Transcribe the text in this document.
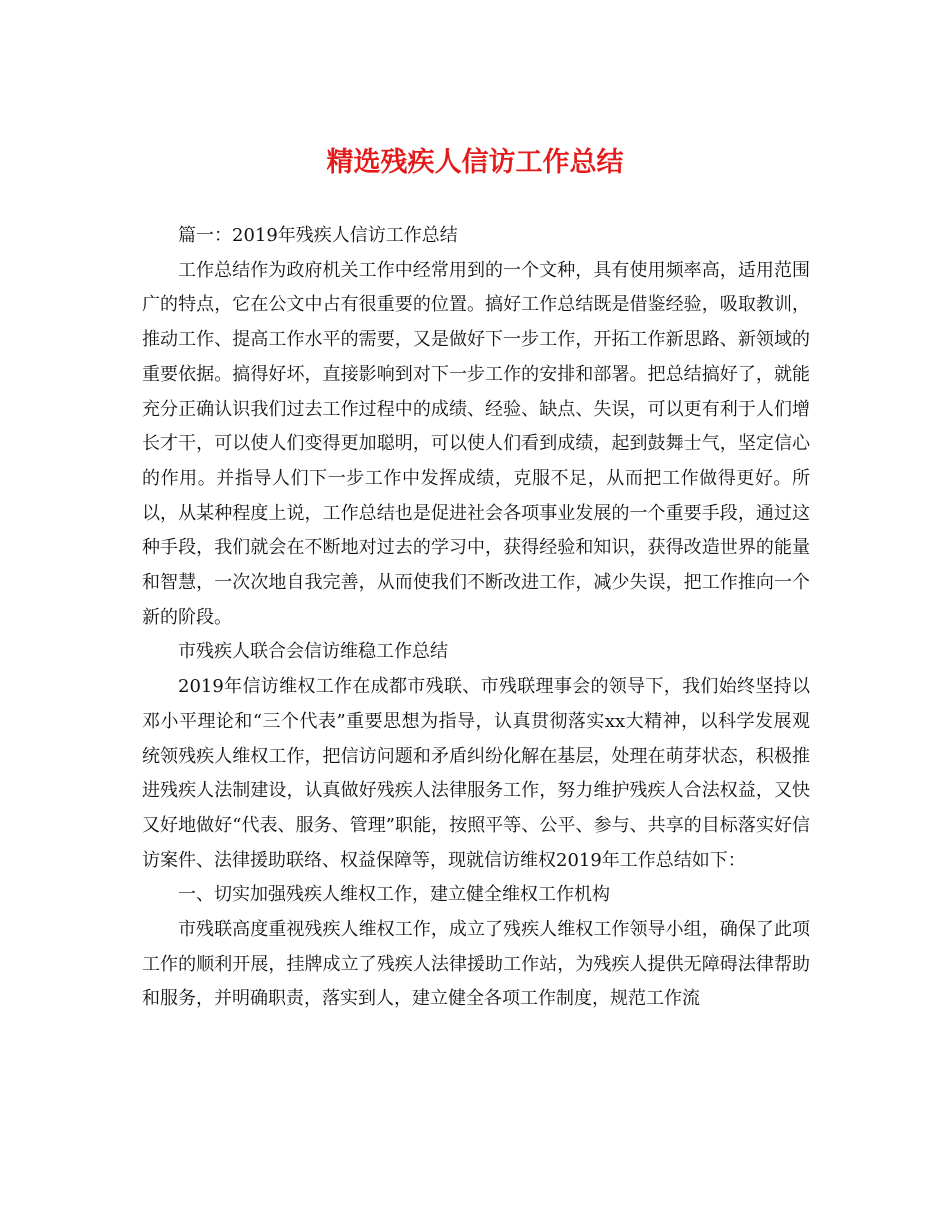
精选残疾人信访工作总结

篇一：2019年残疾人信访工作总结

工作总结作为政府机关工作中经常用到的一个文种，具有使用频率高，适用范围广的特点，它在公文中占有很重要的位置。搞好工作总结既是借鉴经验，吸取教训，推动工作、提高工作水平的需要，又是做好下一步工作，开拓工作新思路、新领域的重要依据。搞得好坏，直接影响到对下一步工作的安排和部署。把总结搞好了，就能充分正确认识我们过去工作过程中的成绩、经验、缺点、失误，可以更有利于人们增长才干，可以使人们变得更加聪明，可以使人们看到成绩，起到鼓舞士气，坚定信心的作用。并指导人们下一步工作中发挥成绩，克服不足，从而把工作做得更好。所以，从某种程度上说，工作总结也是促进社会各项事业发展的一个重要手段，通过这种手段，我们就会在不断地对过去的学习中，获得经验和知识，获得改造世界的能量和智慧，一次次地自我完善，从而使我们不断改进工作，减少失误，把工作推向一个新的阶段。

市残疾人联合会信访维稳工作总结

2019年信访维权工作在成都市残联、市残联理事会的领导下，我们始终坚持以邓小平理论和“三个代表”重要思想为指导，认真贯彻落实xx大精神，以科学发展观统领残疾人维权工作，把信访问题和矛盾纠纷化解在基层，处理在萌芽状态，积极推进残疾人法制建设，认真做好残疾人法律服务工作，努力维护残疾人合法权益，又快又好地做好“代表、服务、管理”职能，按照平等、公平、参与、共享的目标落实好信访案件、法律援助联络、权益保障等，现就信访维权2019年工作总结如下：

一、切实加强残疾人维权工作，建立健全维权工作机构

市残联高度重视残疾人维权工作，成立了残疾人维权工作领导小组，确保了此项工作的顺利开展，挂牌成立了残疾人法律援助工作站，为残疾人提供无障碍法律帮助和服务，并明确职责，落实到人，建立健全各项工作制度，规范工作流
